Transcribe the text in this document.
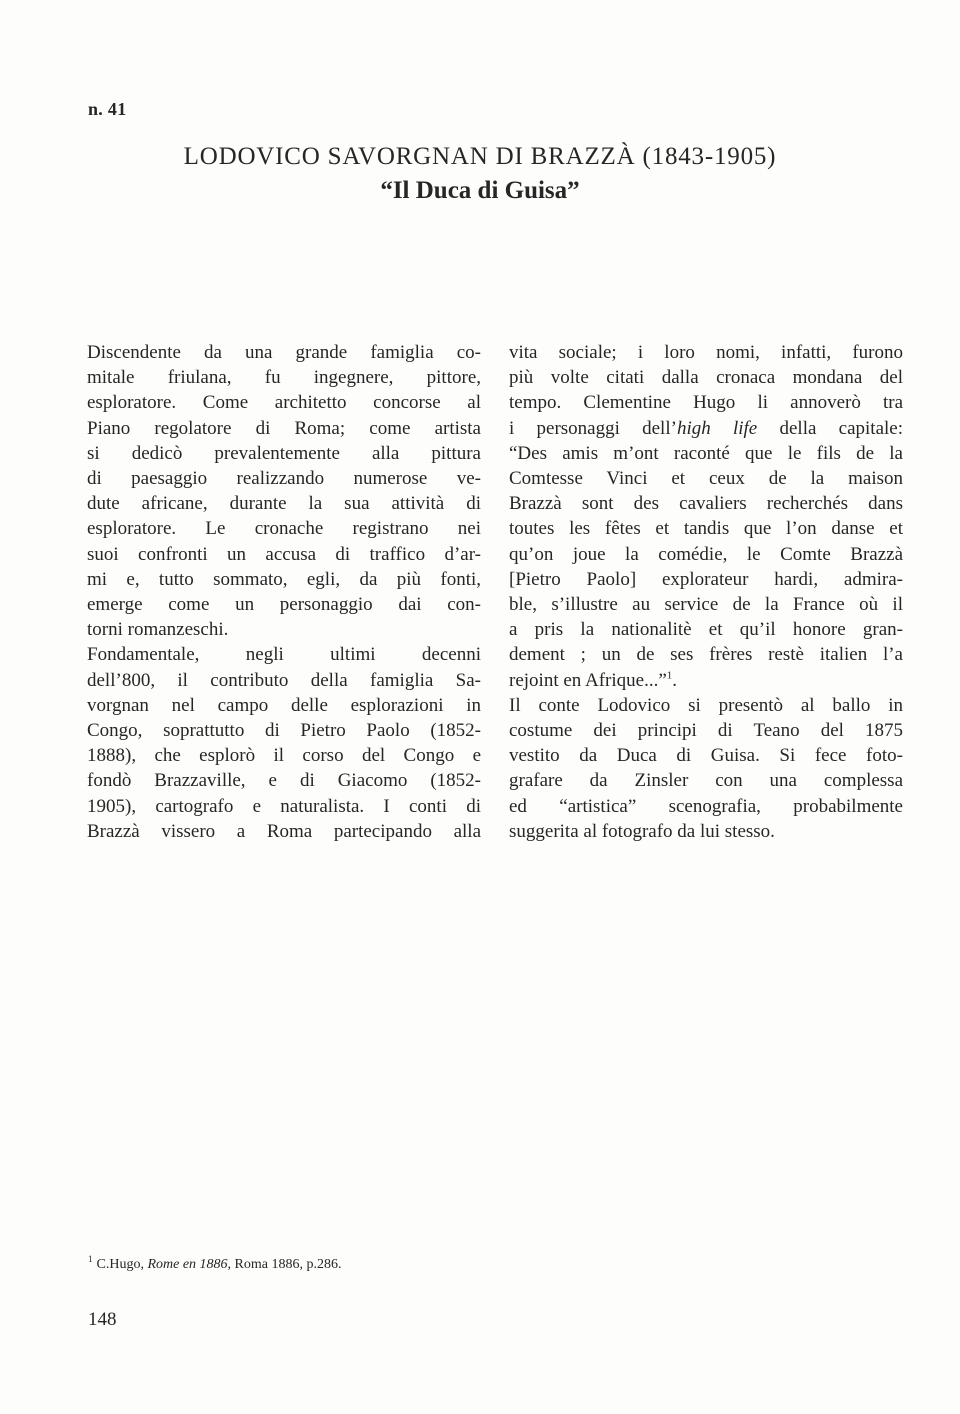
n. 41
LODOVICO SAVORGNAN DI BRAZZÀ (1843-1905)
“Il Duca di Guisa”
Discendente da una grande famiglia co-
mitale friulana, fu ingegnere, pittore,
esploratore. Come architetto concorse al
Piano regolatore di Roma; come artista
si dedicò prevalentemente alla pittura
di paesaggio realizzando numerose ve-
dute africane, durante la sua attività di
esploratore. Le cronache registrano nei
suoi confronti un accusa di traffico d’ar-
mi e, tutto sommato, egli, da più fonti,
emerge come un personaggio dai con-
torni romanzeschi.
Fondamentale, negli ultimi decenni
dell’800, il contributo della famiglia Sa-
vorgnan nel campo delle esplorazioni in
Congo, soprattutto di Pietro Paolo (1852-
1888), che esplorò il corso del Congo e
fondò Brazzaville, e di Giacomo (1852-
1905), cartografo e naturalista. I conti di
Brazzà vissero a Roma partecipando alla
vita sociale; i loro nomi, infatti, furono
più volte citati dalla cronaca mondana del
tempo. Clementine Hugo li annoverò tra
i personaggi dell’high life della capitale:
“Des amis m’ont raconté que le fils de la
Comtesse Vinci et ceux de la maison
Brazzà sont des cavaliers recherchés dans
toutes les fêtes et tandis que l’on danse et
qu’on joue la comédie, le Comte Brazzà
[Pietro Paolo] explorateur hardi, admira-
ble, s’illustre au service de la France où il
a pris la nationalitè et qu’il honore gran-
dement ; un de ses frères restè italien l’a
rejoint en Afrique...”$^1$.
Il conte Lodovico si presentò al ballo in
costume dei principi di Teano del 1875
vestito da Duca di Guisa. Si fece foto-
grafare da Zinsler con una complessa
ed “artistica” scenografia, probabilmente
suggerita al fotografo da lui stesso.
$^1$ C.Hugo, Rome en 1886, Roma 1886, p.286.
148
